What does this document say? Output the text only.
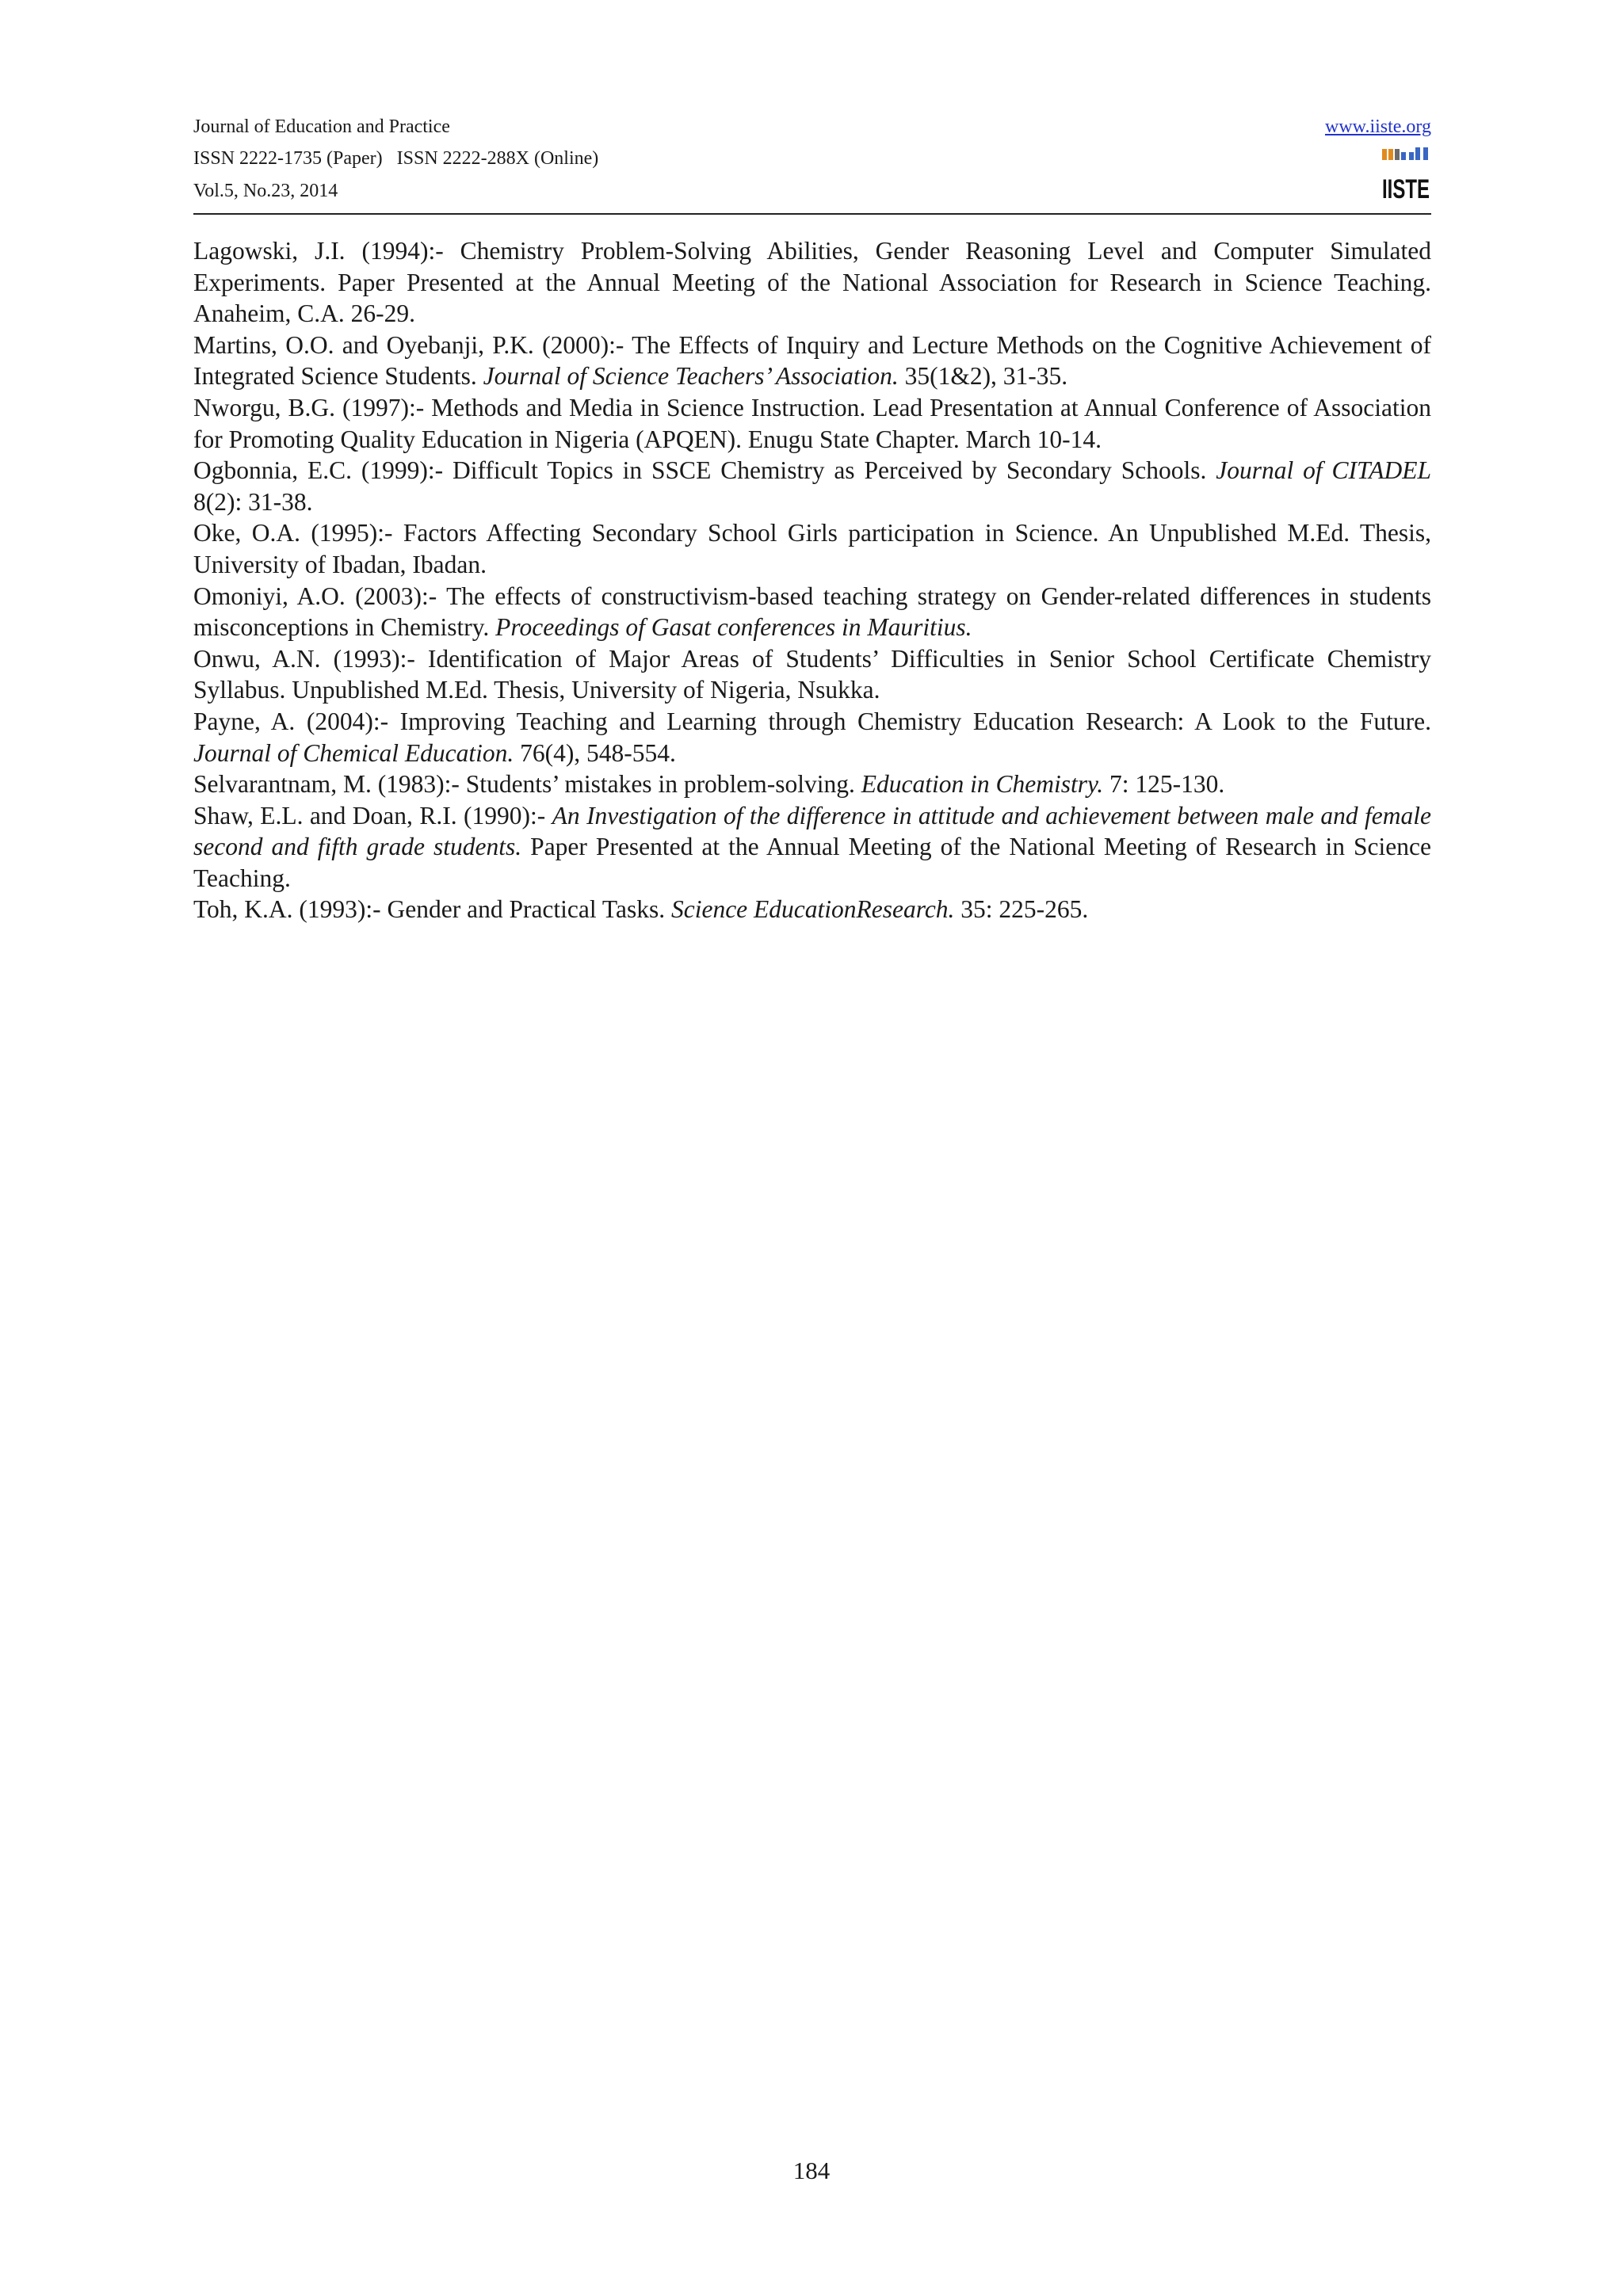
Journal of Education and Practice
ISSN 2222-1735 (Paper)   ISSN 2222-288X (Online)
Vol.5, No.23, 2014
www.iiste.org
IISTE
Lagowski, J.I. (1994):- Chemistry Problem-Solving Abilities, Gender Reasoning Level and Computer Simulated Experiments. Paper Presented at the Annual Meeting of the National Association for Research in Science Teaching. Anaheim, C.A. 26-29.
Martins, O.O. and Oyebanji, P.K. (2000):- The Effects of Inquiry and Lecture Methods on the Cognitive Achievement of Integrated Science Students. Journal of Science Teachers’ Association. 35(1&2), 31-35.
Nworgu, B.G. (1997):- Methods and Media in Science Instruction. Lead Presentation at Annual Conference of Association for Promoting Quality Education in Nigeria (APQEN). Enugu State Chapter. March 10-14.
Ogbonnia, E.C. (1999):- Difficult Topics in SSCE Chemistry as Perceived by Secondary Schools. Journal of CITADEL 8(2): 31-38.
Oke, O.A. (1995):- Factors Affecting Secondary School Girls participation in Science. An Unpublished M.Ed. Thesis, University of Ibadan, Ibadan.
Omoniyi, A.O. (2003):- The effects of constructivism-based teaching strategy on Gender-related differences in students misconceptions in Chemistry. Proceedings of Gasat conferences in Mauritius.
Onwu, A.N. (1993):- Identification of Major Areas of Students’ Difficulties in Senior School Certificate Chemistry Syllabus. Unpublished M.Ed. Thesis, University of Nigeria, Nsukka.
Payne, A. (2004):- Improving Teaching and Learning through Chemistry Education Research: A Look to the Future. Journal of Chemical Education. 76(4), 548-554.
Selvarantnam, M. (1983):- Students’ mistakes in problem-solving. Education in Chemistry. 7: 125-130.
Shaw, E.L. and Doan, R.I. (1990):- An Investigation of the difference in attitude and achievement between male and female second and fifth grade students. Paper Presented at the Annual Meeting of the National Meeting of Research in Science Teaching.
Toh, K.A. (1993):- Gender and Practical Tasks. Science EducationResearch. 35: 225-265.
184
